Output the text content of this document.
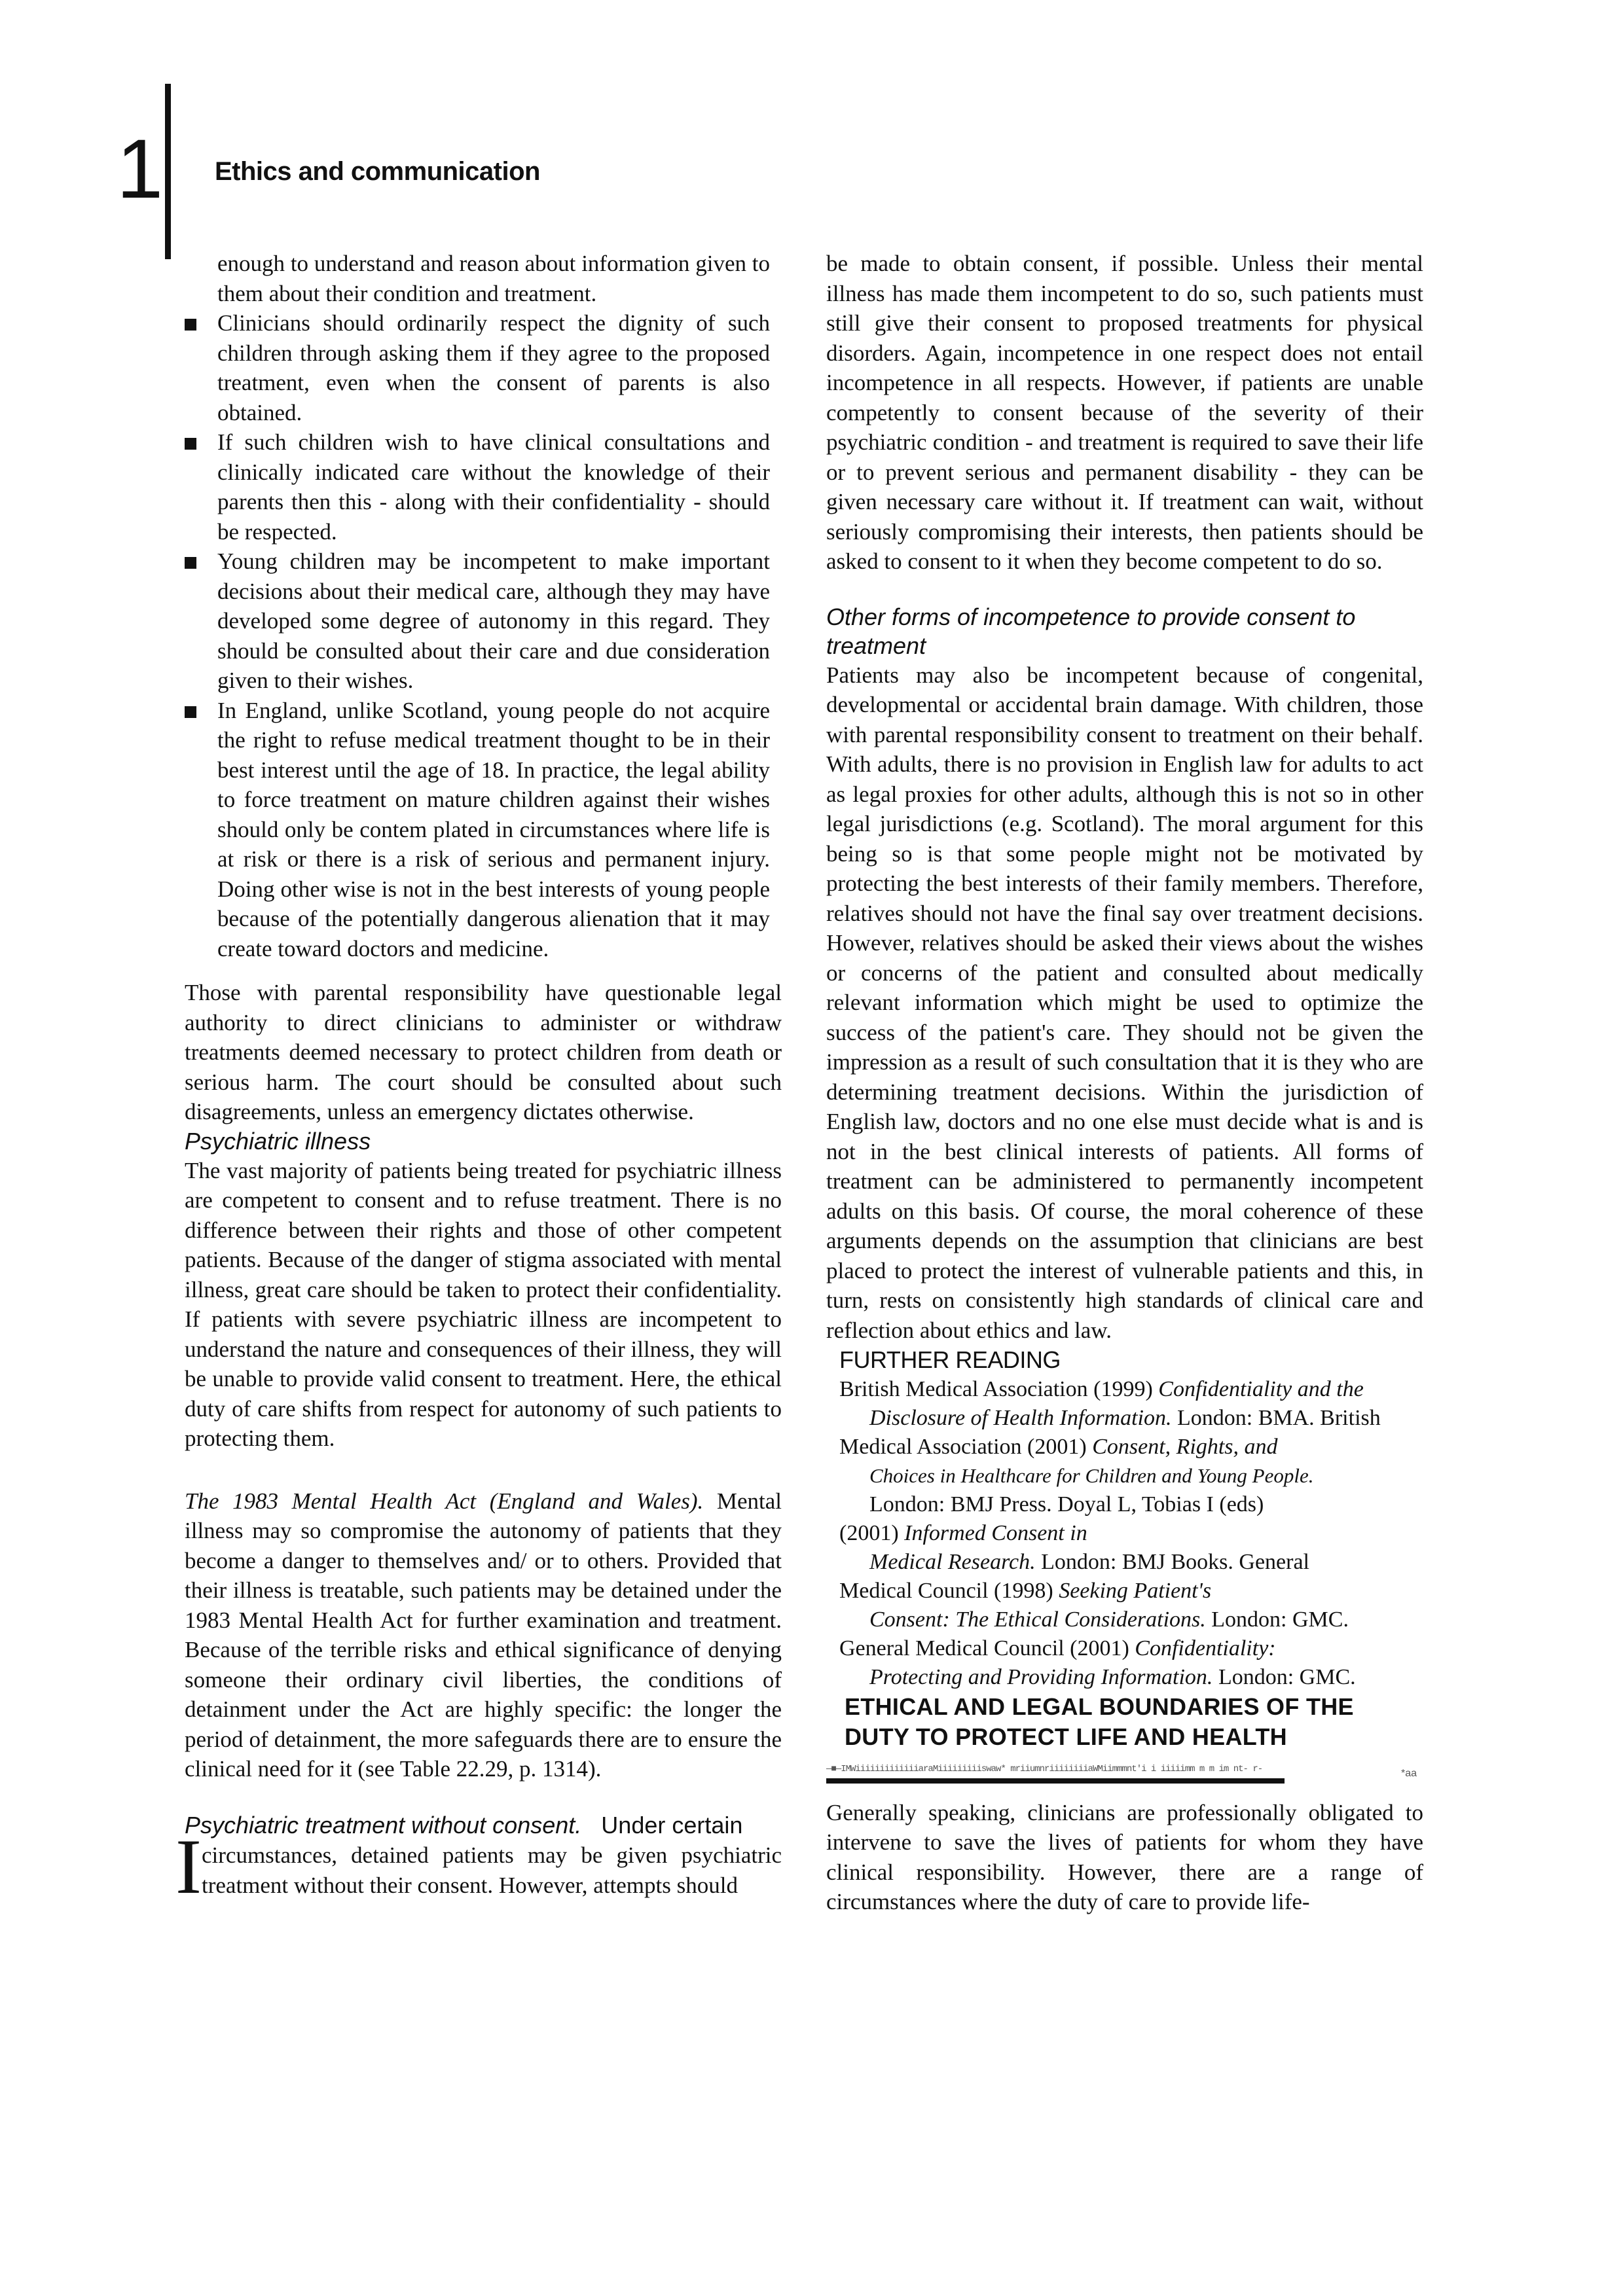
1 Ethics and communication
enough to understand and reason about information given to them about their condition and treatment.
Clinicians should ordinarily respect the dignity of such children through asking them if they agree to the proposed treatment, even when the consent of parents is also obtained.
If such children wish to have clinical consultations and clinically indicated care without the knowledge of their parents then this - along with their confidentiality - should be respected.
Young children may be incompetent to make important decisions about their medical care, although they may have developed some degree of autonomy in this regard. They should be consulted about their care and due consideration given to their wishes.
In England, unlike Scotland, young people do not acquire the right to refuse medical treatment thought to be in their best interest until the age of 18. In practice, the legal ability to force treatment on mature children against their wishes should only be contem plated in circumstances where life is at risk or there is a risk of serious and permanent injury. Doing other wise is not in the best interests of young people because of the potentially dangerous alienation that it may create toward doctors and medicine.

Those with parental responsibility have questionable legal authority to direct clinicians to administer or withdraw treatments deemed necessary to protect children from death or serious harm. The court should be consulted about such disagreements, unless an emergency dictates otherwise.

Psychiatric illness

The vast majority of patients being treated for psychiatric illness are competent to consent and to refuse treatment. There is no difference between their rights and those of other competent patients. Because of the danger of stigma associated with mental illness, great care should be taken to protect their confidentiality. If patients with severe psychiatric illness are incompetent to understand the nature and consequences of their illness, they will be unable to provide valid consent to treatment. Here, the ethical duty of care shifts from respect for autonomy of such patients to protecting them.

The 1983 Mental Health Act (England and Wales). Mental illness may so compromise the autonomy of patients that they become a danger to themselves and/ or to others. Provided that their illness is treatable, such patients may be detained under the 1983 Mental Health Act for further examination and treatment. Because of the terrible risks and ethical significance of denying someone their ordinary civil liberties, the conditions of detainment under the Act are highly specific: the longer the period of detainment, the more safeguards there are to ensure the clinical need for it (see Table 22.29, p. 1314).

Psychiatric treatment without consent. Under certain

I circumstances, detained patients may be given psychiatric treatment without their consent. However, attempts should

be made to obtain consent, if possible. Unless their mental illness has made them incompetent to do so, such patients must still give their consent to proposed treatments for physical disorders. Again, incompetence in one respect does not entail incompetence in all respects. However, if patients are unable competently to consent because of the severity of their psychiatric condition - and treatment is required to save their life or to prevent serious and permanent disability - they can be given necessary care without it. If treatment can wait, without seriously compromising their interests, then patients should be asked to consent to it when they become competent to do so.

Other forms of incompetence to provide consent to treatment

Patients may also be incompetent because of congenital, developmental or accidental brain damage. With children, those with parental responsibility consent to treatment on their behalf. With adults, there is no provision in English law for adults to act as legal proxies for other adults, although this is not so in other legal jurisdictions (e.g. Scotland). The moral argument for this being so is that some people might not be motivated by protecting the best interests of their family members. Therefore, relatives should not have the final say over treatment decisions. However, relatives should be asked their views about the wishes or concerns of the patient and consulted about medically relevant information which might be used to optimize the success of the patient's care. They should not be given the impression as a result of such consultation that it is they who are determining treatment decisions. Within the jurisdiction of English law, doctors and no one else must decide what is and is not in the best clinical interests of patients. All forms of treatment can be administered to permanently incompetent adults on this basis. Of course, the moral coherence of these arguments depends on the assumption that clinicians are best placed to protect the interest of vulnerable patients and this, in turn, rests on consistently high standards of clinical care and reflection about ethics and law.

FURTHER READING

British Medical Association (1999) Confidentiality and the
Disclosure of Health Information. London: BMA. British

Medical Association (2001) Consent, Rights, and
Choices in Healthcare for Children and Young People.
London: BMJ Press. Doyal L, Tobias I (eds)

(2001) Informed Consent in
Medical Research. London: BMJ Books. General

Medical Council (1998) Seeking Patient's
Consent: The Ethical Considerations. London: GMC.

General Medical Council (2001) Confidentiality:
Protecting and Providing Information. London: GMC.

ETHICAL AND LEGAL BOUNDARIES OF THE DUTY TO PROTECT LIFE AND HEALTH

—■—IMWiiiiiiiiiiiiiaraMiiiiiiiiiswaw* mriiumnriiiiiiiiaWMiimmmnt'i i iiiiimm m m im nt- r-	*aa

Generally speaking, clinicians are professionally obligated to intervene to save the lives of patients for whom they have clinical responsibility. However, there are a range of circumstances where the duty of care to provide life-
